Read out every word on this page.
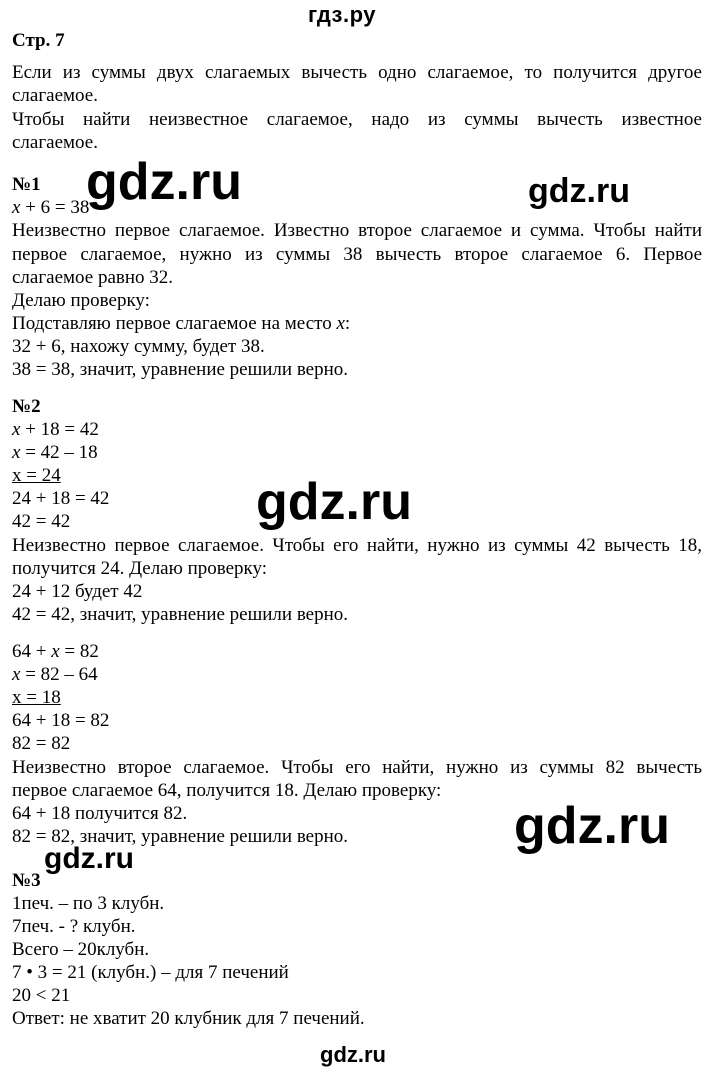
гдз.ру
Стр. 7
Если из суммы двух слагаемых вычесть одно слагаемое, то получится другое
слагаемое.
Чтобы найти неизвестное слагаемое, надо из суммы вычесть известное
слагаемое.
№1
x + 6 = 38
Неизвестно первое слагаемое. Известно второе слагаемое и сумма. Чтобы найти
первое слагаемое, нужно из суммы 38 вычесть второе слагаемое 6. Первое
слагаемое равно 32.
Делаю проверку:
Подставляю первое слагаемое на место x:
32 + 6, нахожу сумму, будет 38.
38 = 38, значит, уравнение решили верно.
№2
x + 18 = 42
x = 42 – 18
x = 24
24 + 18 = 42
42 = 42
Неизвестно первое слагаемое. Чтобы его найти, нужно из суммы 42 вычесть 18,
получится 24. Делаю проверку:
24 + 12 будет 42
42 = 42, значит, уравнение решили верно.
64 + x = 82
x = 82 – 64
x = 18
64 + 18 = 82
82 = 82
Неизвестно второе слагаемое. Чтобы его найти, нужно из суммы 82 вычесть
первое слагаемое 64, получится 18. Делаю проверку:
64 + 18 получится 82.
82 = 82, значит, уравнение решили верно.
№3
1печ. – по 3 клубн.
7печ. - ? клубн.
Всего – 20клубн.
7 • 3 = 21 (клубн.) – для 7 печений
20 < 21
Ответ: не хватит 20 клубник для 7 печений.
gdz.ru	gdz.ru
gdz.ru
gdz.ru
gdz.ru
gdz.ru
